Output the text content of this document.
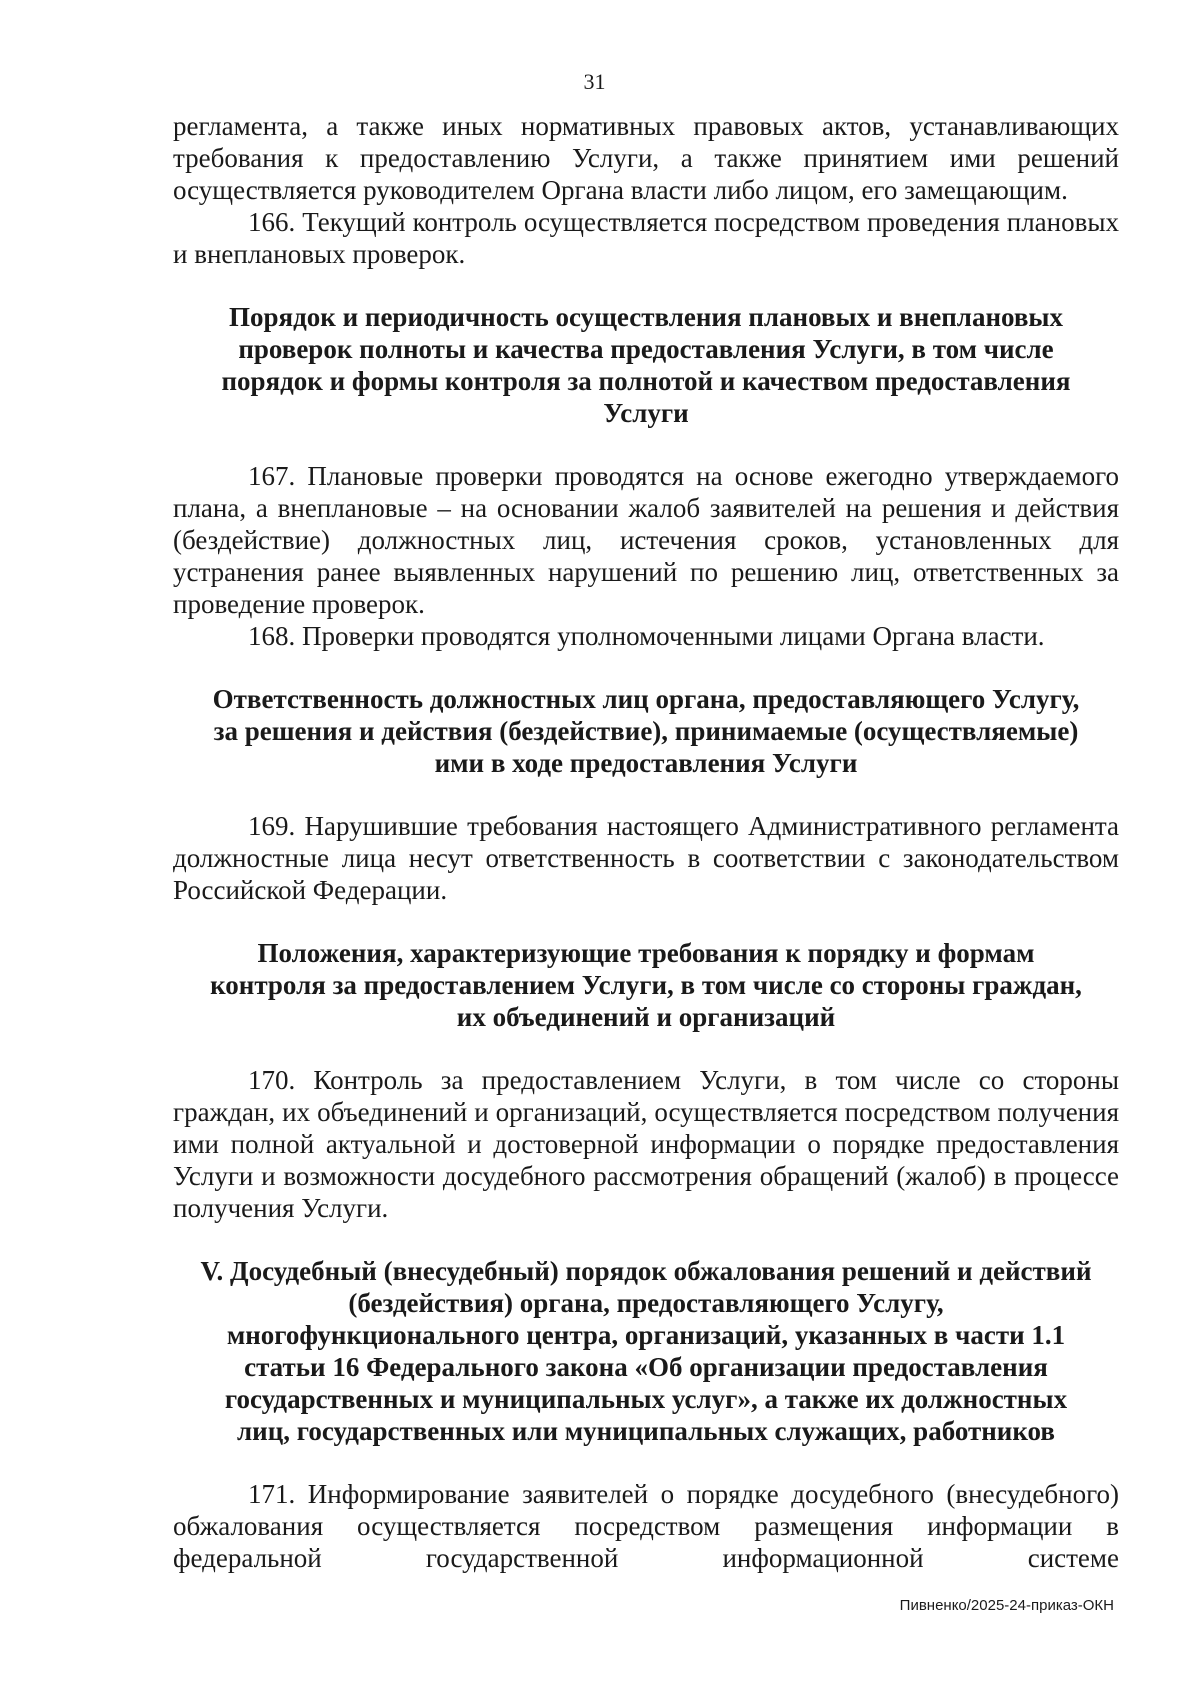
31

регламента, а также иных нормативных правовых актов, устанавливающих требования к предоставлению Услуги, а также принятием ими решений осуществляется руководителем Органа власти либо лицом, его замещающим.

166. Текущий контроль осуществляется посредством проведения плановых и внеплановых проверок.

Порядок и периодичность осуществления плановых и внеплановых
проверок полноты и качества предоставления Услуги, в том числе
порядок и формы контроля за полнотой и качеством предоставления
Услуги

167. Плановые проверки проводятся на основе ежегодно утверждаемого плана, а внеплановые – на основании жалоб заявителей на решения и действия (бездействие) должностных лиц, истечения сроков, установленных для устранения ранее выявленных нарушений по решению лиц, ответственных за проведение проверок.

168. Проверки проводятся уполномоченными лицами Органа власти.

Ответственность должностных лиц органа, предоставляющего Услугу,
за решения и действия (бездействие), принимаемые (осуществляемые)
ими в ходе предоставления Услуги

169. Нарушившие требования настоящего Административного регламента должностные лица несут ответственность в соответствии с законодательством Российской Федерации.

Положения, характеризующие требования к порядку и формам
контроля за предоставлением Услуги, в том числе со стороны граждан,
их объединений и организаций

170. Контроль за предоставлением Услуги, в том числе со стороны граждан, их объединений и организаций, осуществляется посредством получения ими полной актуальной и достоверной информации о порядке предоставления Услуги и возможности досудебного рассмотрения обращений (жалоб) в процессе получения Услуги.

V. Досудебный (внесудебный) порядок обжалования решений и действий
(бездействия) органа, предоставляющего Услугу,
многофункционального центра, организаций, указанных в части 1.1
статьи 16 Федерального закона «Об организации предоставления
государственных и муниципальных услуг», а также их должностных
лиц, государственных или муниципальных служащих, работников

171. Информирование заявителей о порядке досудебного (внесудебного) обжалования осуществляется посредством размещения информации в федеральной государственной информационной системе

Пивненко/2025-24-приказ-ОКН
